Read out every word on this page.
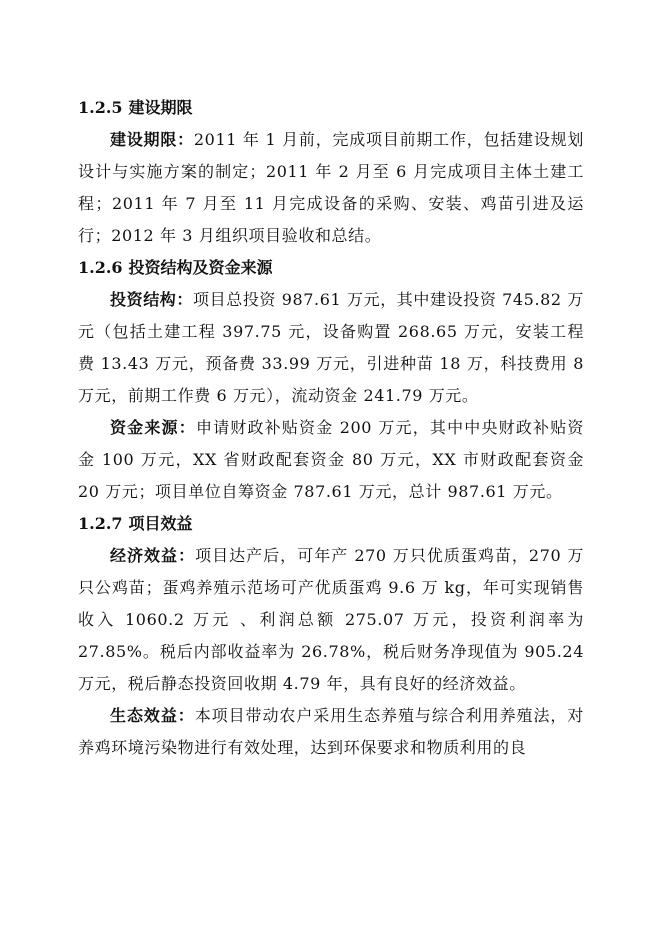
1.2.5 建设期限

建设期限：2011 年 1 月前，完成项目前期工作，包括建设规划设计与实施方案的制定；2011 年 2 月至 6 月完成项目主体土建工程；2011 年 7 月至 11 月完成设备的采购、安装、鸡苗引进及运行；2012 年 3 月组织项目验收和总结。

1.2.6 投资结构及资金来源

投资结构：项目总投资 987.61 万元，其中建设投资 745.82 万元（包括土建工程 397.75 元，设备购置 268.65 万元，安装工程费 13.43 万元，预备费 33.99 万元，引进种苗 18 万，科技费用 8 万元，前期工作费 6 万元），流动资金 241.79 万元。

资金来源：申请财政补贴资金 200 万元，其中中央财政补贴资金 100 万元，XX 省财政配套资金 80 万元，XX 市财政配套资金 20 万元；项目单位自筹资金 787.61 万元，总计 987.61 万元。

1.2.7 项目效益

经济效益：项目达产后，可年产 270 万只优质蛋鸡苗，270 万只公鸡苗；蛋鸡养殖示范场可产优质蛋鸡 9.6 万 kg，年可实现销售收入 1060.2 万元 、利润总额 275.07 万元，投资利润率为 27.85%。税后内部收益率为 26.78%，税后财务净现值为 905.24 万元，税后静态投资回收期 4.79 年，具有良好的经济效益。

生态效益：本项目带动农户采用生态养殖与综合利用养殖法，对养鸡环境污染物进行有效处理，达到环保要求和物质利用的良
